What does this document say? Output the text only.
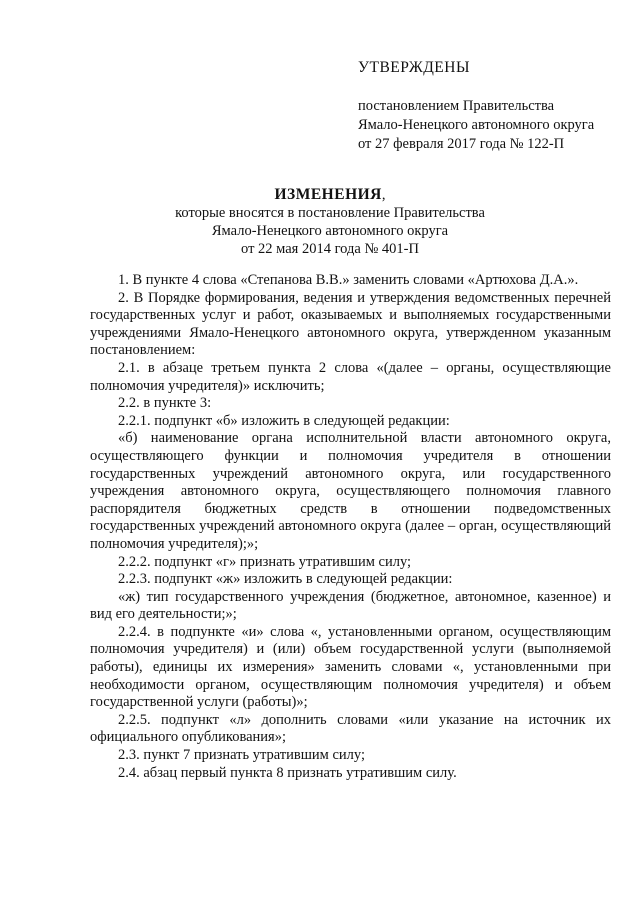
УТВЕРЖДЕНЫ
постановлением Правительства
Ямало-Ненецкого автономного округа
от 27 февраля 2017 года № 122-П
ИЗМЕНЕНИЯ,
которые вносятся в постановление Правительства
Ямало-Ненецкого автономного округа
от 22 мая 2014 года № 401-П

1. В пункте 4 слова «Степанова В.В.» заменить словами «Артюхова Д.А.».

2. В Порядке формирования, ведения и утверждения ведомственных перечней государственных услуг и работ, оказываемых и выполняемых государственными учреждениями Ямало-Ненецкого автономного округа, утвержденном указанным постановлением:

2.1. в абзаце третьем пункта 2 слова «(далее – органы, осуществляющие полномочия учредителя)» исключить;

2.2. в пункте 3:

2.2.1. подпункт «б» изложить в следующей редакции:

«б) наименование органа исполнительной власти автономного округа, осуществляющего функции и полномочия учредителя в отношении государственных учреждений автономного округа, или государственного учреждения автономного округа, осуществляющего полномочия главного распорядителя бюджетных средств в отношении подведомственных государственных учреждений автономного округа (далее – орган, осуществляющий полномочия учредителя);»;

2.2.2. подпункт «г» признать утратившим силу;

2.2.3. подпункт «ж» изложить в следующей редакции:

«ж) тип государственного учреждения (бюджетное, автономное, казенное) и вид его деятельности;»;

2.2.4. в подпункте «и» слова «, установленными органом, осуществляющим полномочия учредителя) и (или) объем государственной услуги (выполняемой работы), единицы их измерения» заменить словами «, установленными при необходимости органом, осуществляющим полномочия учредителя) и объем государственной услуги (работы)»;

2.2.5. подпункт «л» дополнить словами «или указание на источник их официального опубликования»;

2.3. пункт 7 признать утратившим силу;

2.4. абзац первый пункта 8 признать утратившим силу.
